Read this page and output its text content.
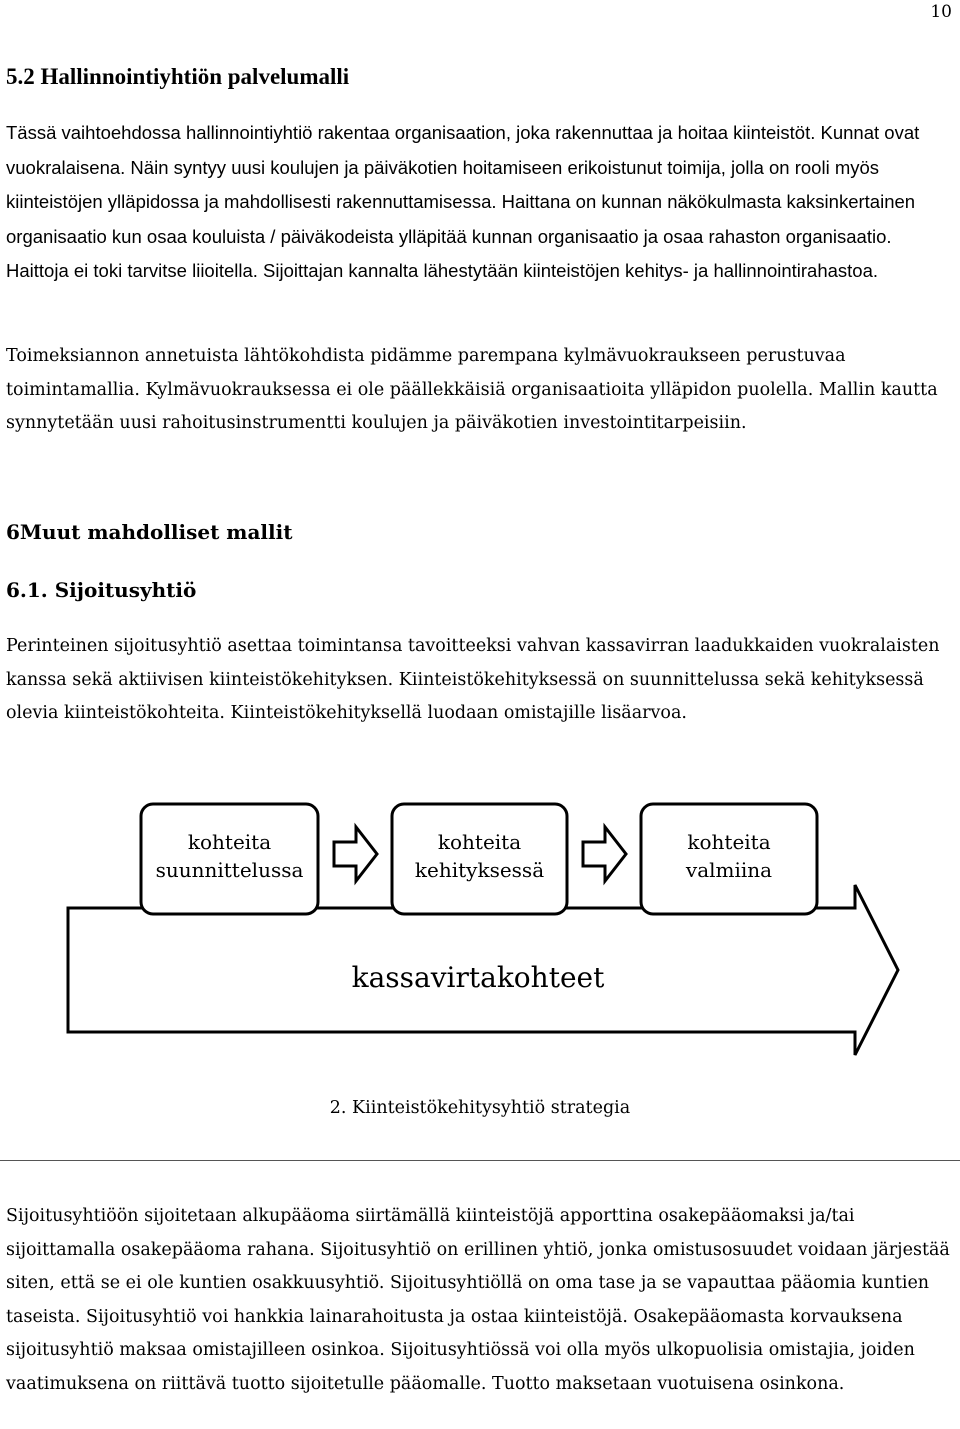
10
5.2 Hallinnointiyhtiön palvelumalli

Tässä vaihtoehdossa hallinnointiyhtiö rakentaa organisaation, joka rakennuttaa ja hoitaa kiinteistöt. Kunnat ovat vuokralaisena. Näin syntyy uusi koulujen ja päiväkotien hoitamiseen erikoistunut toimija, jolla on rooli myös kiinteistöjen ylläpidossa ja mahdollisesti rakennuttamisessa. Haittana on kunnan näkökulmasta kaksinkertainen organisaatio kun osaa kouluista / päiväkodeista ylläpitää kunnan organisaatio ja osaa rahaston organisaatio. Haittoja ei toki tarvitse liioitella. Sijoittajan kannalta lähestytään kiinteistöjen kehitys- ja hallinnointirahastoa.

Toimeksiannon annetuista lähtökohdista pidämme parempana kylmävuokraukseen perustuvaa toimintamallia. Kylmävuokrauksessa ei ole päällekkäisiä organisaatioita ylläpidon puolella. Mallin kautta synnytetään uusi rahoitusinstrumentti koulujen ja päiväkotien investointitarpeisiin.

6Muut mahdolliset mallit
6.1. Sijoitusyhtiö

Perinteinen sijoitusyhtiö asettaa toimintansa tavoitteeksi vahvan kassavirran laadukkaiden vuokralaisten kanssa sekä aktiivisen kiinteistökehityksen. Kiinteistökehityksessä on suunnittelussa sekä kehityksessä olevia kiinteistökohteita. Kiinteistökehityksellä luodaan omistajille lisäarvoa.

kohteita
suunnittelussa
kohteita
kehityksessä
kohteita
valmiina
kassavirtakohteet
2. Kiinteistökehitysyhtiö strategia

Sijoitusyhtiöön sijoitetaan alkupääoma siirtämällä kiinteistöjä apporttina osakepääomaksi ja/tai sijoittamalla osakepääoma rahana. Sijoitusyhtiö on erillinen yhtiö, jonka omistusosuudet voidaan järjestää siten, että se ei ole kuntien osakkuusyhtiö. Sijoitusyhtiöllä on oma tase ja se vapauttaa pääomia kuntien taseista. Sijoitusyhtiö voi hankkia lainarahoitusta ja ostaa kiinteistöjä. Osakepääomasta korvauksena sijoitusyhtiö maksaa omistajilleen osinkoa. Sijoitusyhtiössä voi olla myös ulkopuolisia omistajia, joiden vaatimuksena on riittävä tuotto sijoitetulle pääomalle. Tuotto maksetaan vuotuisena osinkona.
